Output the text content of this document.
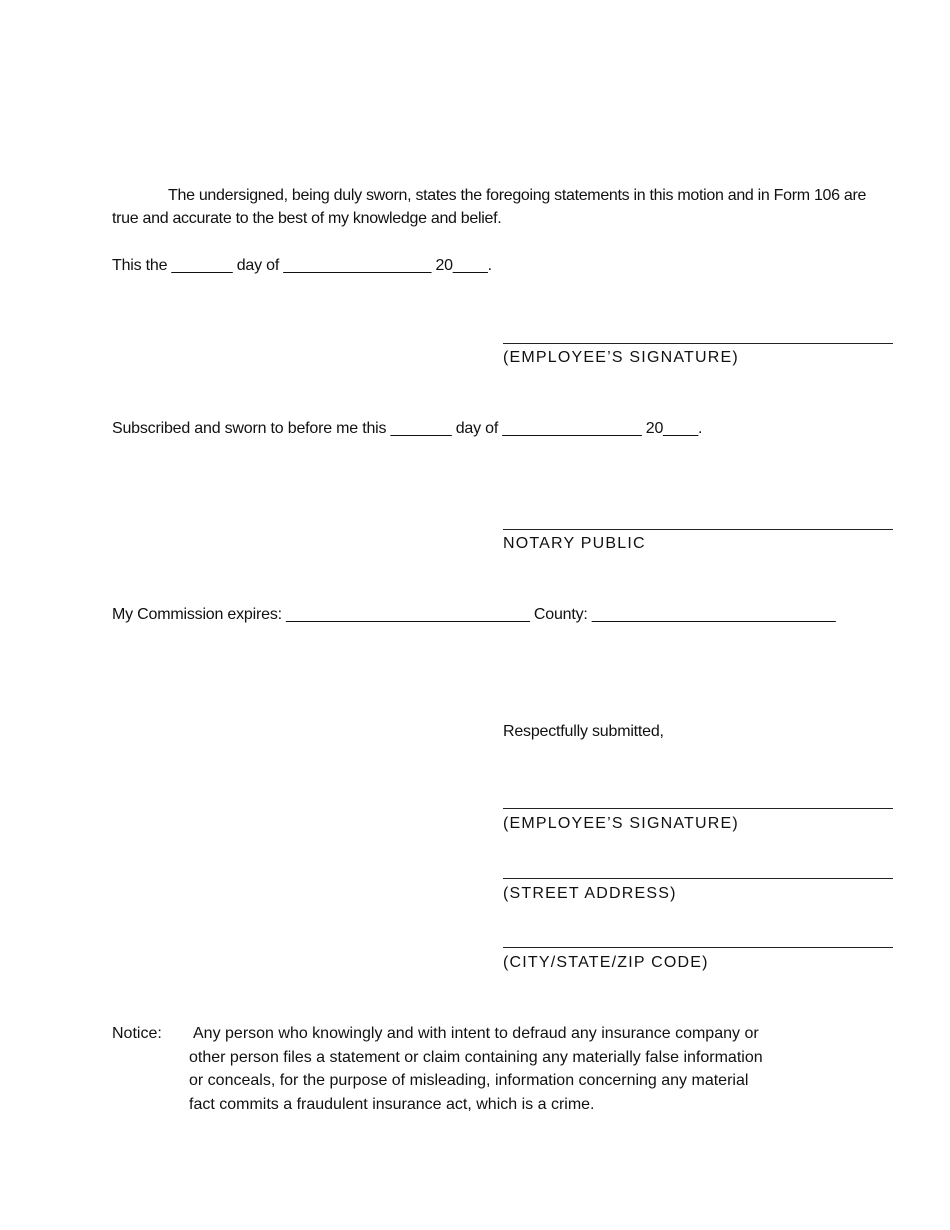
The undersigned, being duly sworn, states the foregoing statements in this motion and in Form 106 are true and accurate to the best of my knowledge and belief.
This the _______ day of _________________ 20____.
(EMPLOYEE’S SIGNATURE)
Subscribed and sworn to before me this _______ day of ________________ 20____.
NOTARY PUBLIC
My Commission expires: ____________________________ County: ____________________________
Respectfully submitted,
(EMPLOYEE’S SIGNATURE)
(STREET ADDRESS)
(CITY/STATE/ZIP CODE)
Notice: Any person who knowingly and with intent to defraud any insurance company or
other person files a statement or claim containing any materially false information
or conceals, for the purpose of misleading, information concerning any material
fact commits a fraudulent insurance act, which is a crime.
